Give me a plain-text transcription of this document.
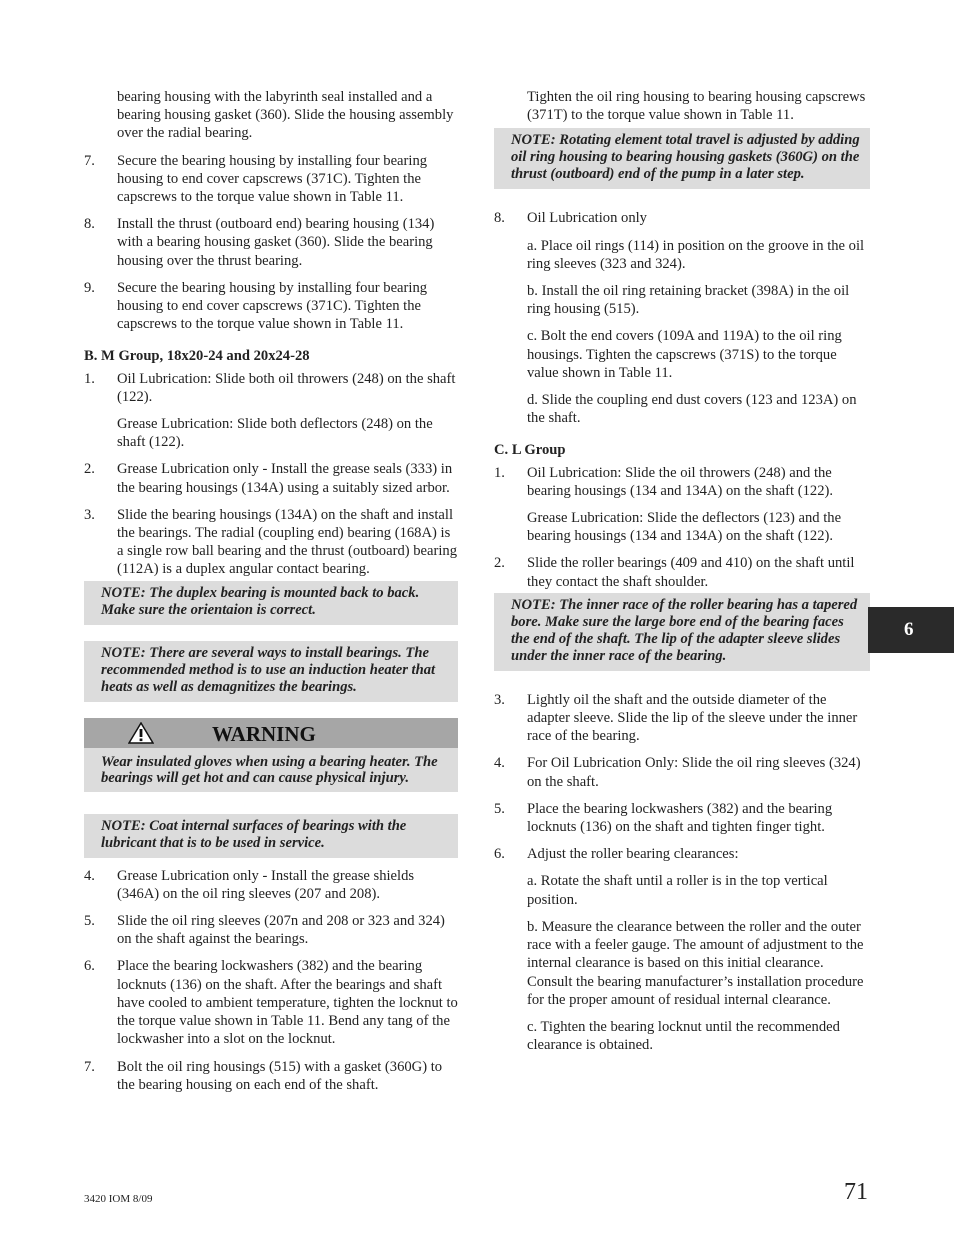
bearing housing with the labyrinth seal installed and a bearing housing gasket (360). Slide the housing assembly over the radial bearing.

7. Secure the bearing housing by installing four bearing housing to end cover capscrews (371C). Tighten the capscrews to the torque value shown in Table 11.
8. Install the thrust (outboard end) bearing housing (134) with a bearing housing gasket (360). Slide the bearing housing over the thrust bearing.
9. Secure the bearing housing by installing four bearing housing to end cover capscrews (371C). Tighten the capscrews to the torque value shown in Table 11.
B. M Group, 18x20-24 and 20x24-28
1. Oil Lubrication: Slide both oil throwers (248) on the shaft (122).

Grease Lubrication: Slide both deflectors (248) on the shaft (122).

2. Grease Lubrication only - Install the grease seals (333) in the bearing housings (134A) using a suitably sized arbor.
3. Slide the bearing housings (134A) on the shaft and install the bearings. The radial (coupling end) bearing (168A) is a single row ball bearing and the thrust (outboard) bearing (112A) is a duplex angular contact bearing.
NOTE: The duplex bearing is mounted back to back. Make sure the orientaion is correct.
NOTE: There are several ways to install bearings. The recommended method is to use an induction heater that heats as well as demagnitizes the bearings.
WARNING
Wear insulated gloves when using a bearing heater. The bearings will get hot and can cause physical injury.
NOTE: Coat internal surfaces of bearings with the lubricant that is to be used in service.
4. Grease Lubrication only - Install the grease shields (346A) on the oil ring sleeves (207 and 208).
5. Slide the oil ring sleeves (207n and 208 or 323 and 324) on the shaft against the bearings.
6. Place the bearing lockwashers (382) and the bearing locknuts (136) on the shaft. After the bearings and shaft have cooled to ambient temperature, tighten the locknut to the torque value shown in Table 11. Bend any tang of the lockwasher into a slot on the locknut.
7. Bolt the oil ring housings (515) with a gasket (360G) to the bearing housing on each end of the shaft.

Tighten the oil ring housing to bearing housing capscrews (371T) to the torque value shown in Table 11.

NOTE: Rotating element total travel is adjusted by adding oil ring housing to bearing housing gaskets (360G) on the thrust (outboard) end of the pump in a later step.
8. Oil Lubrication only

a. Place oil rings (114) in position on the groove in the oil ring sleeves (323 and 324).

b. Install the oil ring retaining bracket (398A) in the oil ring housing (515).

c. Bolt the end covers (109A and 119A) to the oil ring housings. Tighten the capscrews (371S) to the torque value shown in Table 11.

d. Slide the coupling end dust covers (123 and 123A) on the shaft.

C. L Group
1. Oil Lubrication: Slide the oil throwers (248) and the bearing housings (134 and 134A) on the shaft (122).

Grease Lubrication: Slide the deflectors (123) and the bearing housings (134 and 134A) on the shaft (122).

2. Slide the roller bearings (409 and 410) on the shaft until they contact the shaft shoulder.
NOTE: The inner race of the roller bearing has a tapered bore. Make sure the large bore end of the bearing faces the end of the shaft. The lip of the adapter sleeve slides under the inner race of the bearing.
3. Lightly oil the shaft and the outside diameter of the adapter sleeve. Slide the lip of the sleeve under the inner race of the bearing.
4. For Oil Lubrication Only: Slide the oil ring sleeves (324) on the shaft.
5. Place the bearing lockwashers (382) and the bearing locknuts (136) on the shaft and tighten finger tight.
6. Adjust the roller bearing clearances:

a. Rotate the shaft until a roller is in the top vertical position.

b. Measure the clearance between the roller and the outer race with a feeler gauge. The amount of adjustment to the internal clearance is based on this initial clearance. Consult the bearing manufacturer’s installation procedure for the proper amount of residual internal clearance.

c. Tighten the bearing locknut until the recommended clearance is obtained.

6
3420 IOM 8/09	71
